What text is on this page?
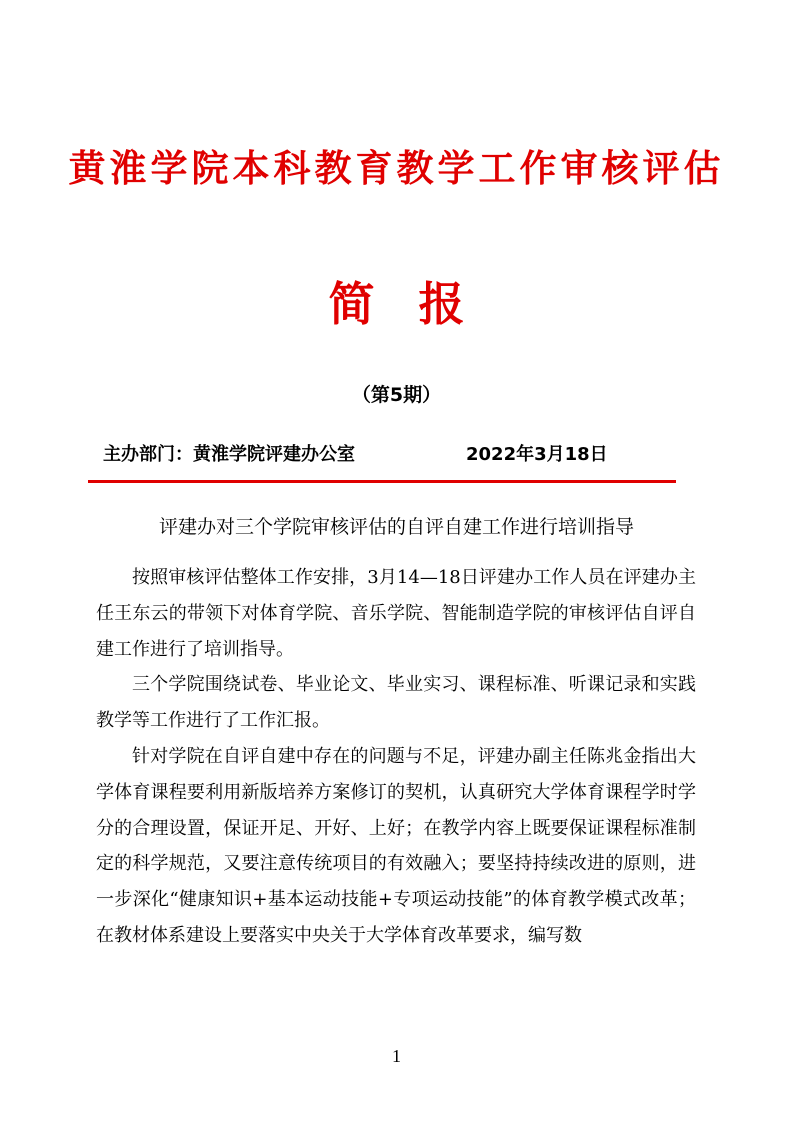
黄淮学院本科教育教学工作审核评估
简 报
（第5期）
主办部门：黄淮学院评建办公室	2022年3月18日
评建办对三个学院审核评估的自评自建工作进行培训指导

按照审核评估整体工作安排，3月14—18日评建办工作人员在评建办主任王东云的带领下对体育学院、音乐学院、智能制造学院的审核评估自评自建工作进行了培训指导。

三个学院围绕试卷、毕业论文、毕业实习、课程标准、听课记录和实践教学等工作进行了工作汇报。

针对学院在自评自建中存在的问题与不足，评建办副主任陈兆金指出大学体育课程要利用新版培养方案修订的契机，认真研究大学体育课程学时学分的合理设置，保证开足、开好、上好；在教学内容上既要保证课程标准制定的科学规范，又要注意传统项目的有效融入；要坚持持续改进的原则，进一步深化“健康知识+基本运动技能+专项运动技能”的体育教学模式改革；在教材体系建设上要落实中央关于大学体育改革要求，编写数

1
